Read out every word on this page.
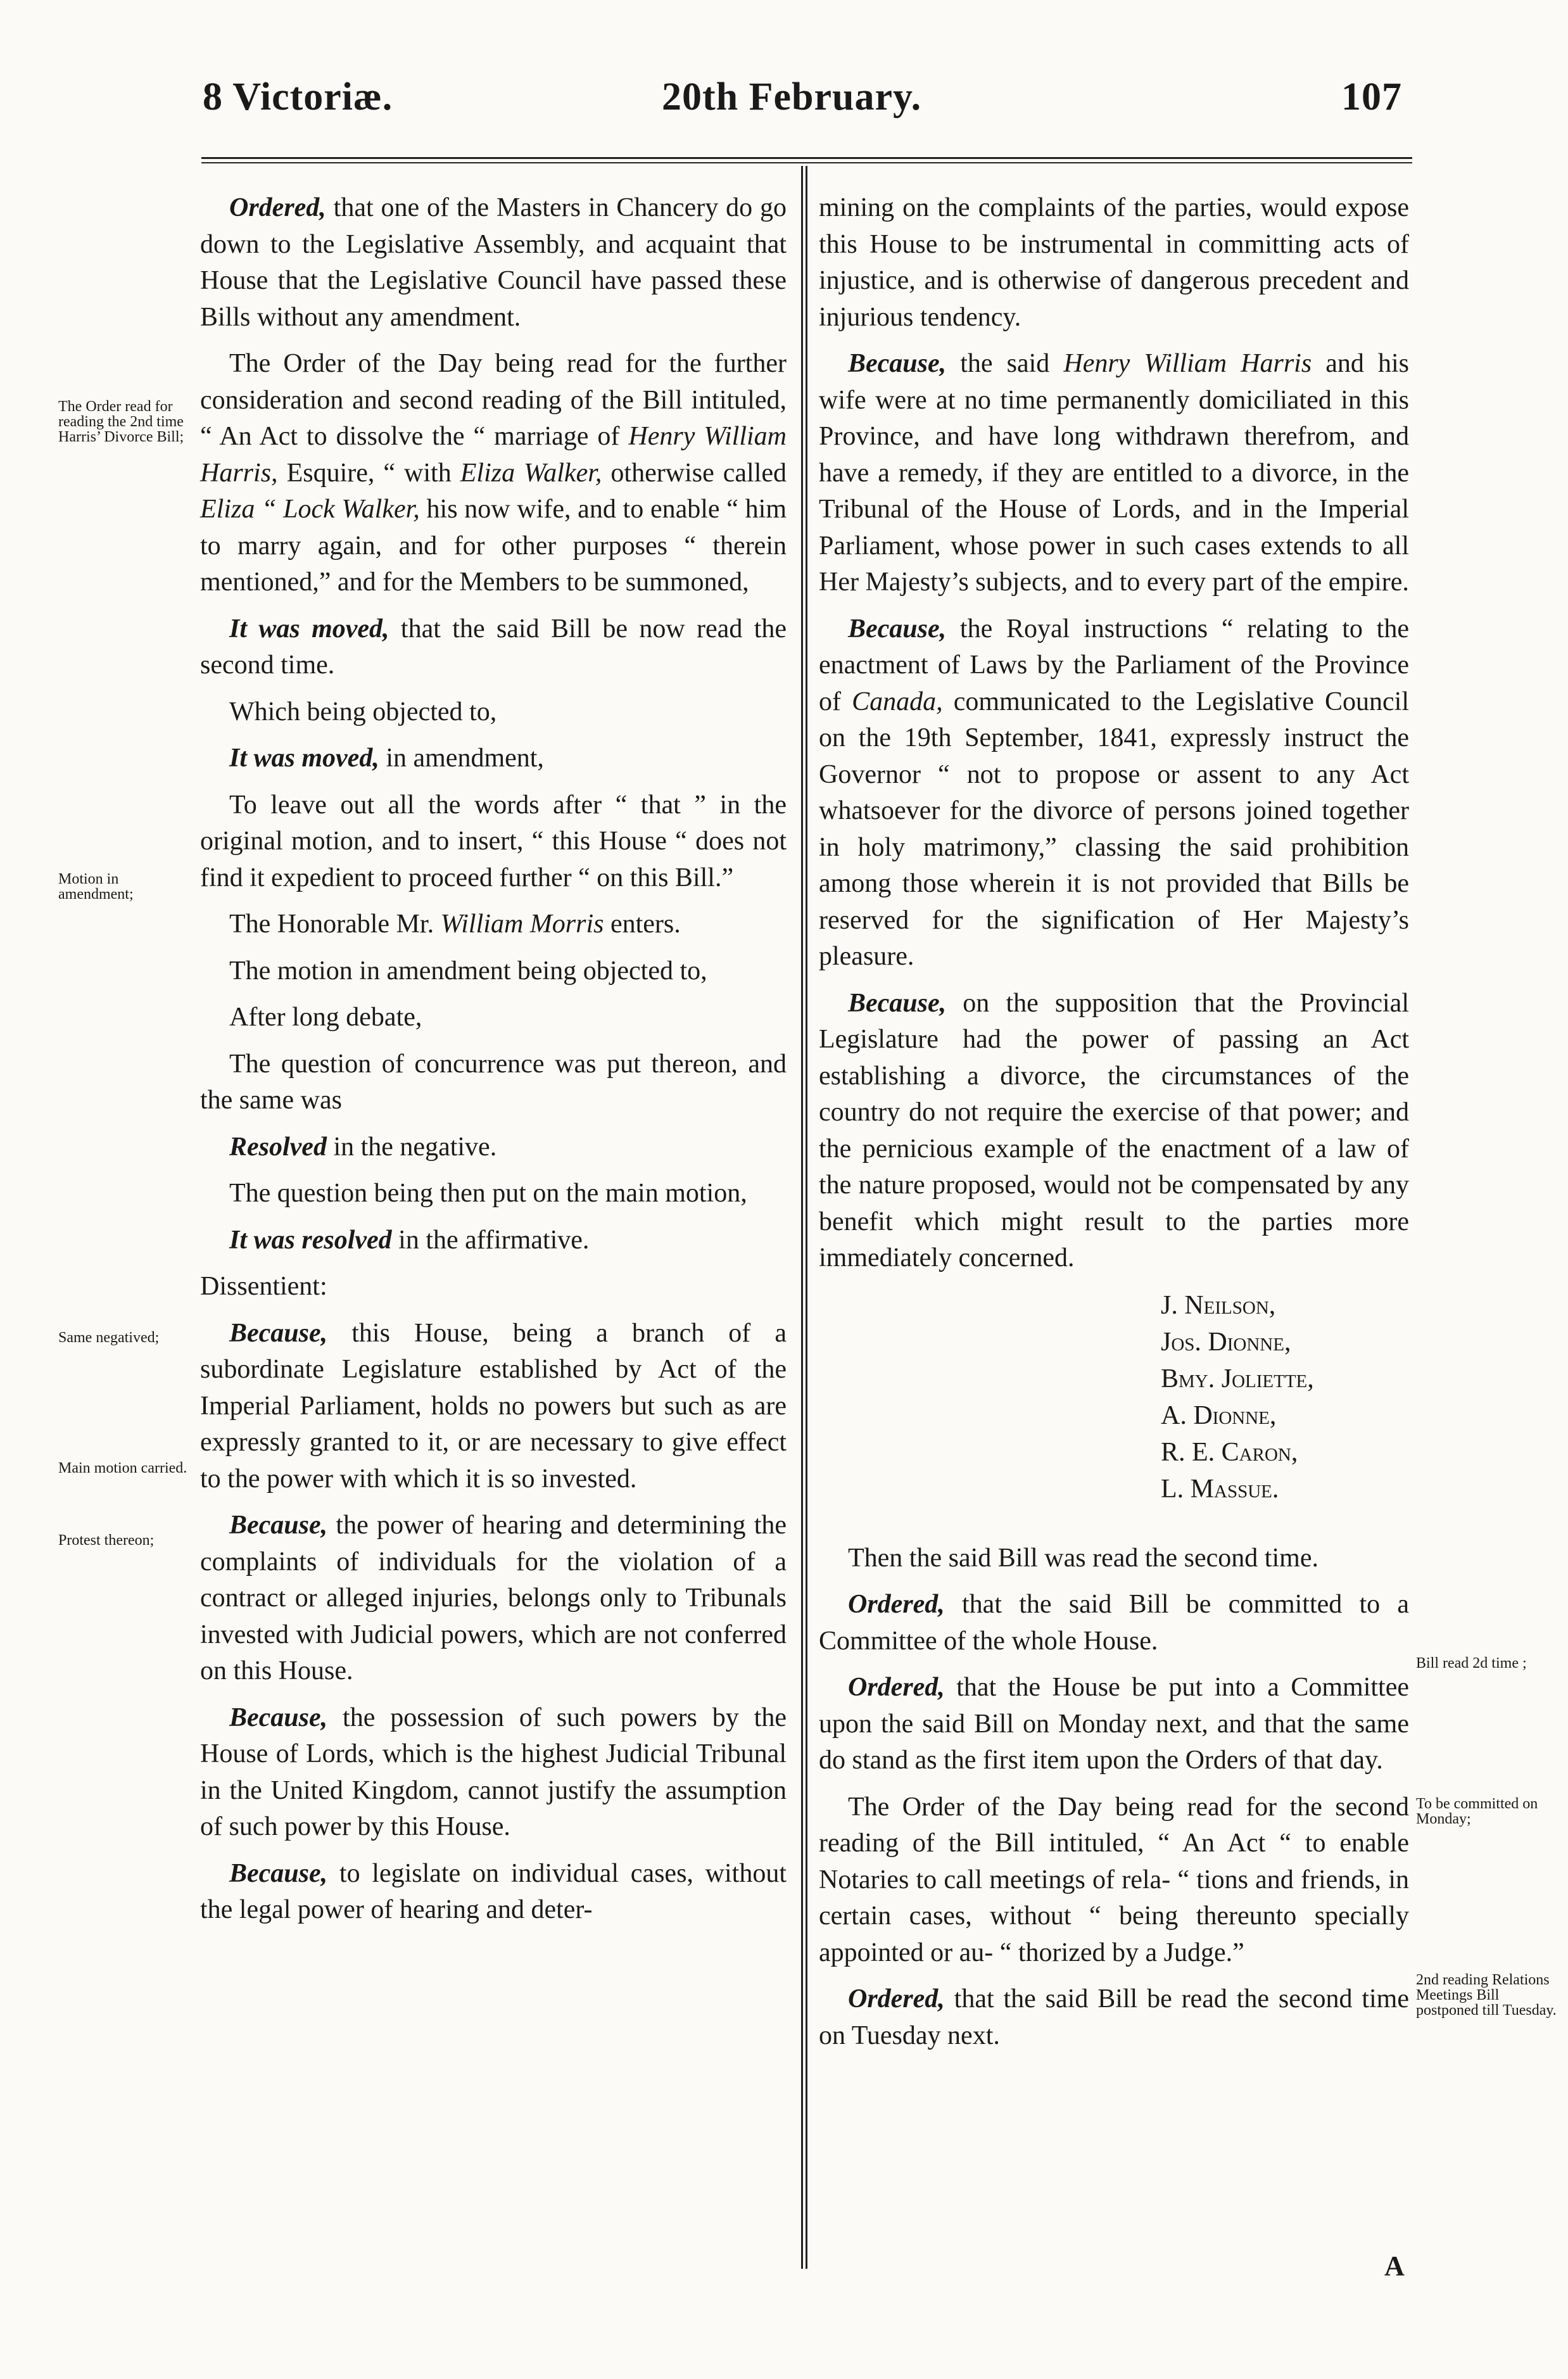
8 Victoriæ.	20th February.	107
The Order read for reading the 2nd time Harris’ Divorce Bill;
Motion in amendment;
Same negatived;
Main motion carried.
Protest thereon;
Bill read 2d time ;
To be committed on Monday;
2nd reading Relations Meetings Bill postponed till Tuesday.

Ordered, that one of the Masters in Chancery do go down to the Legislative Assembly, and acquaint that House that the Legislative Council have passed these Bills without any amendment.

The Order of the Day being read for the further consideration and second reading of the Bill intituled, “ An Act to dissolve the “ marriage of Henry William Harris, Esquire, “ with Eliza Walker, otherwise called Eliza “ Lock Walker, his now wife, and to enable “ him to marry again, and for other purposes “ therein mentioned,” and for the Members to be summoned,

It was moved, that the said Bill be now read the second time.

Which being objected to,

It was moved, in amendment,

To leave out all the words after “ that ” in the original motion, and to insert, “ this House “ does not find it expedient to proceed further “ on this Bill.”

The Honorable Mr. William Morris enters.

The motion in amendment being objected to,

After long debate,

The question of concurrence was put thereon, and the same was

Resolved in the negative.

The question being then put on the main motion,

It was resolved in the affirmative.

Dissentient:

Because, this House, being a branch of a subordinate Legislature established by Act of the Imperial Parliament, holds no powers but such as are expressly granted to it, or are necessary to give effect to the power with which it is so invested.

Because, the power of hearing and determining the complaints of individuals for the violation of a contract or alleged injuries, belongs only to Tribunals invested with Judicial powers, which are not conferred on this House.

Because, the possession of such powers by the House of Lords, which is the highest Judicial Tribunal in the United Kingdom, cannot justify the assumption of such power by this House.

Because, to legislate on individual cases, without the legal power of hearing and deter-

mining on the complaints of the parties, would expose this House to be instrumental in committing acts of injustice, and is otherwise of dangerous precedent and injurious tendency.

Because, the said Henry William Harris and his wife were at no time permanently domiciliated in this Province, and have long withdrawn therefrom, and have a remedy, if they are entitled to a divorce, in the Tribunal of the House of Lords, and in the Imperial Parliament, whose power in such cases extends to all Her Majesty’s subjects, and to every part of the empire.

Because, the Royal instructions “ relating to the enactment of Laws by the Parliament of the Province of Canada, communicated to the Legislative Council on the 19th September, 1841, expressly instruct the Governor “ not to propose or assent to any Act whatsoever for the divorce of persons joined together in holy matrimony,” classing the said prohibition among those wherein it is not provided that Bills be reserved for the signification of Her Majesty’s pleasure.

Because, on the supposition that the Provincial Legislature had the power of passing an Act establishing a divorce, the circumstances of the country do not require the exercise of that power; and the pernicious example of the enactment of a law of the nature proposed, would not be compensated by any benefit which might result to the parties more immediately concerned.

J. Neilson,

Jos. Dionne,

Bmy. Joliette,

A. Dionne,

R. E. Caron,

L. Massue.

Then the said Bill was read the second time.

Ordered, that the said Bill be committed to a Committee of the whole House.

Ordered, that the House be put into a Committee upon the said Bill on Monday next, and that the same do stand as the first item upon the Orders of that day.

The Order of the Day being read for the second reading of the Bill intituled, “ An Act “ to enable Notaries to call meetings of rela- “ tions and friends, in certain cases, without “ being thereunto specially appointed or au- “ thorized by a Judge.”

Ordered, that the said Bill be read the second time on Tuesday next.

A
